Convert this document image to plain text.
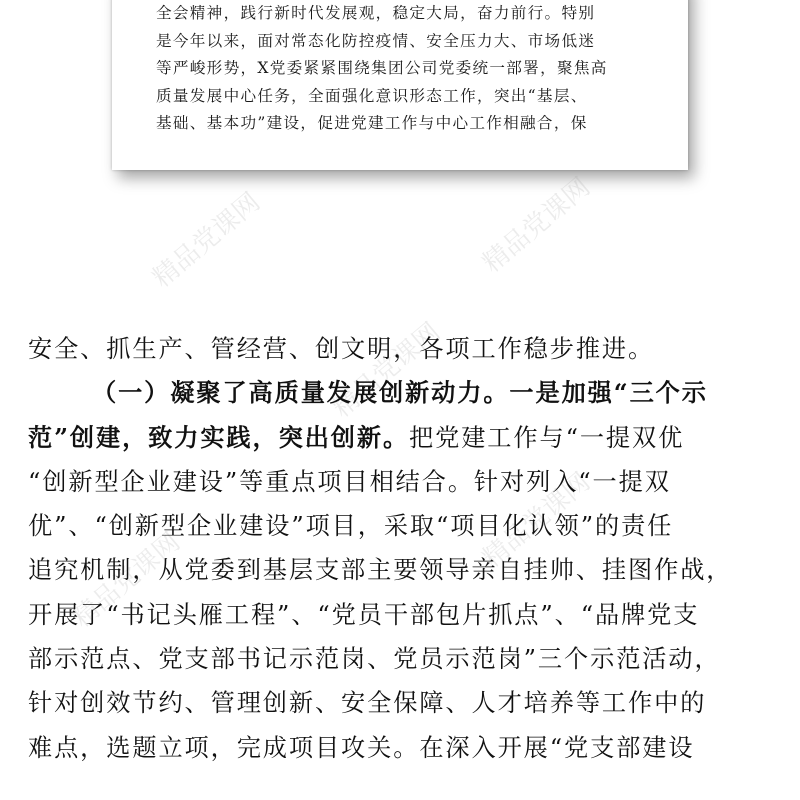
全会精神，践行新时代发展观，稳定大局，奋力前行。特别
是今年以来，面对常态化防控疫情、安全压力大、市场低迷
等严峻形势，X党委紧紧围绕集团公司党委统一部署，聚焦高
质量发展中心任务，全面强化意识形态工作，突出“基层、
基础、基本功”建设，促进党建工作与中心工作相融合，保
精品党课网	精品党课网
精品党课网
精品党课网
精品党课网
安全、抓生产、管经营、创文明，各项工作稳步推进。
（一）凝聚了高质量发展创新动力。一是加强“三个示
范”创建，致力实践，突出创新。把党建工作与“一提双优
“创新型企业建设”等重点项目相结合。针对列入“一提双
优”、“创新型企业建设”项目，采取“项目化认领”的责任
追究机制，从党委到基层支部主要领导亲自挂帅、挂图作战，
开展了“书记头雁工程”、“党员干部包片抓点”、“品牌党支
部示范点、党支部书记示范岗、党员示范岗”三个示范活动，
针对创效节约、管理创新、安全保障、人才培养等工作中的
难点，选题立项，完成项目攻关。在深入开展“党支部建设
